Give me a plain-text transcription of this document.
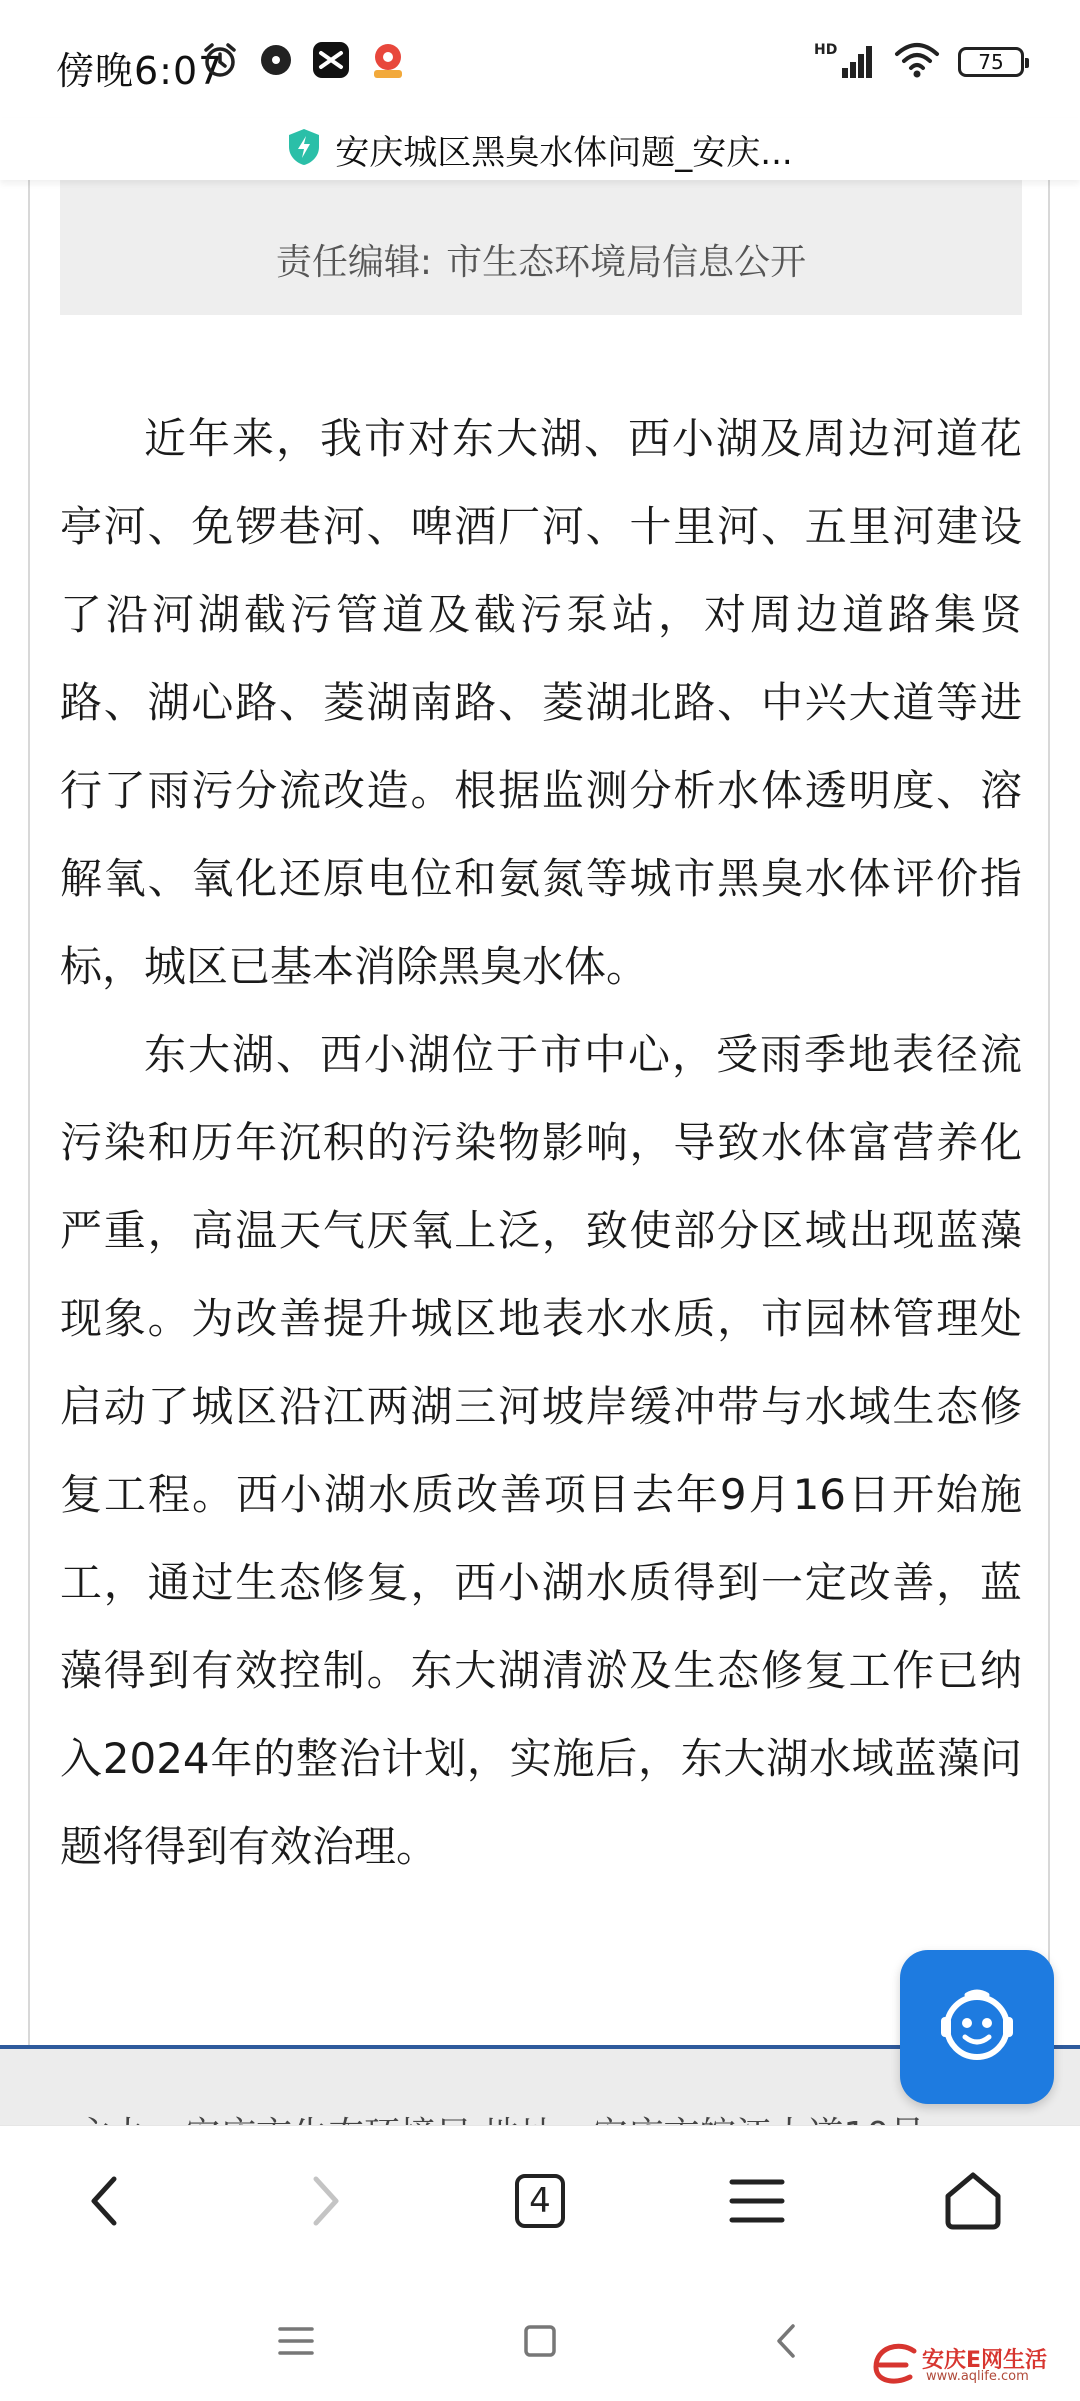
傍晚6:07	HD	75
安庆城区黑臭水体问题_安庆...
责任编辑: 市生态环境局信息公开

近年来，我市对东大湖、西小湖及周边河道花亭河、免锣巷河、啤酒厂河、十里河、五里河建设了沿河湖截污管道及截污泵站，对周边道路集贤路、湖心路、菱湖南路、菱湖北路、中兴大道等进行了雨污分流改造。根据监测分析水体透明度、溶解氧、氧化还原电位和氨氮等城市黑臭水体评价指标，城区已基本消除黑臭水体。

东大湖、西小湖位于市中心，受雨季地表径流污染和历年沉积的污染物影响，导致水体富营养化严重，高温天气厌氧上泛，致使部分区域出现蓝藻现象。为改善提升城区地表水水质，市园林管理处启动了城区沿江两湖三河坡岸缓冲带与水域生态修复工程。西小湖水质改善项目去年9月16日开始施工，通过生态修复，西小湖水质得到一定改善，蓝藻得到有效控制。东大湖清淤及生态修复工作已纳入2024年的整治计划，实施后，东大湖水域蓝藻问题将得到有效治理。

4
安庆E网生活
www.aqlife.com
